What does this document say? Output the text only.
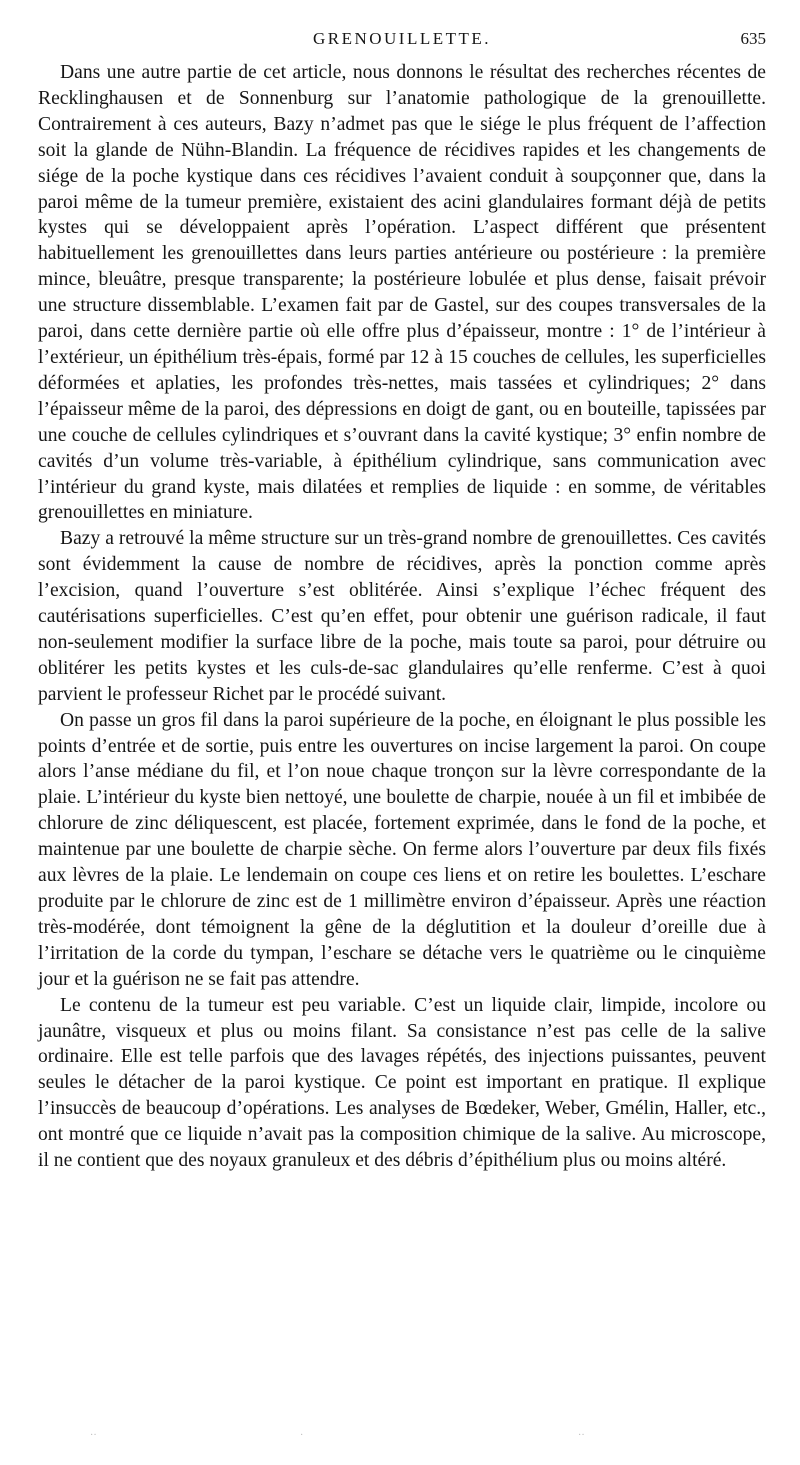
GRENOUILLETTE.	635

Dans une autre partie de cet article, nous donnons le résultat des recherches récentes de Recklinghausen et de Sonnenburg sur l’anatomie pathologique de la grenouillette. Contrairement à ces auteurs, Bazy n’admet pas que le siége le plus fréquent de l’affection soit la glande de Nühn-Blandin. La fréquence de récidives rapides et les changements de siége de la poche kystique dans ces récidives l’avaient conduit à soupçonner que, dans la paroi même de la tumeur première, existaient des acini glandulaires formant déjà de petits kystes qui se développaient après l’opération. L’aspect différent que présentent habituellement les grenouillettes dans leurs parties antérieure ou postérieure : la première mince, bleuâtre, presque transparente; la postérieure lobulée et plus dense, faisait prévoir une structure dissemblable. L’examen fait par de Gastel, sur des coupes transversales de la paroi, dans cette dernière partie où elle offre plus d’épaisseur, montre : 1° de l’intérieur à l’extérieur, un épithélium très-épais, formé par 12 à 15 couches de cellules, les superficielles déformées et aplaties, les profondes très-nettes, mais tassées et cylindriques; 2° dans l’épaisseur même de la paroi, des dépressions en doigt de gant, ou en bouteille, tapissées par une couche de cellules cylindriques et s’ouvrant dans la cavité kystique; 3° enfin nombre de cavités d’un volume très-variable, à épithélium cylindrique, sans communication avec l’intérieur du grand kyste, mais dilatées et remplies de liquide : en somme, de véritables grenouillettes en miniature.

Bazy a retrouvé la même structure sur un très-grand nombre de grenouillettes. Ces cavités sont évidemment la cause de nombre de récidives, après la ponction comme après l’excision, quand l’ouverture s’est oblitérée. Ainsi s’explique l’échec fréquent des cautérisations superficielles. C’est qu’en effet, pour obtenir une guérison radicale, il faut non-seulement modifier la surface libre de la poche, mais toute sa paroi, pour détruire ou oblitérer les petits kystes et les culs-de-sac glandulaires qu’elle renferme. C’est à quoi parvient le professeur Richet par le procédé suivant.

On passe un gros fil dans la paroi supérieure de la poche, en éloignant le plus possible les points d’entrée et de sortie, puis entre les ouvertures on incise largement la paroi. On coupe alors l’anse médiane du fil, et l’on noue chaque tronçon sur la lèvre correspondante de la plaie. L’intérieur du kyste bien nettoyé, une boulette de charpie, nouée à un fil et imbibée de chlorure de zinc déliquescent, est placée, fortement exprimée, dans le fond de la poche, et maintenue par une boulette de charpie sèche. On ferme alors l’ouverture par deux fils fixés aux lèvres de la plaie. Le lendemain on coupe ces liens et on retire les boulettes. L’eschare produite par le chlorure de zinc est de 1 millimètre environ d’épaisseur. Après une réaction très-modérée, dont témoignent la gêne de la déglutition et la douleur d’oreille due à l’irritation de la corde du tympan, l’eschare se détache vers le quatrième ou le cinquième jour et la guérison ne se fait pas attendre.

Le contenu de la tumeur est peu variable. C’est un liquide clair, limpide, incolore ou jaunâtre, visqueux et plus ou moins filant. Sa consistance n’est pas celle de la salive ordinaire. Elle est telle parfois que des lavages répétés, des injections puissantes, peuvent seules le détacher de la paroi kystique. Ce point est important en pratique. Il explique l’insuccès de beaucoup d’opérations. Les analyses de Bœdeker, Weber, Gmélin, Haller, etc., ont montré que ce liquide n’avait pas la composition chimique de la salive. Au microscope, il ne contient que des noyaux granuleux et des débris d’épithélium plus ou moins altéré.

··	·	··
